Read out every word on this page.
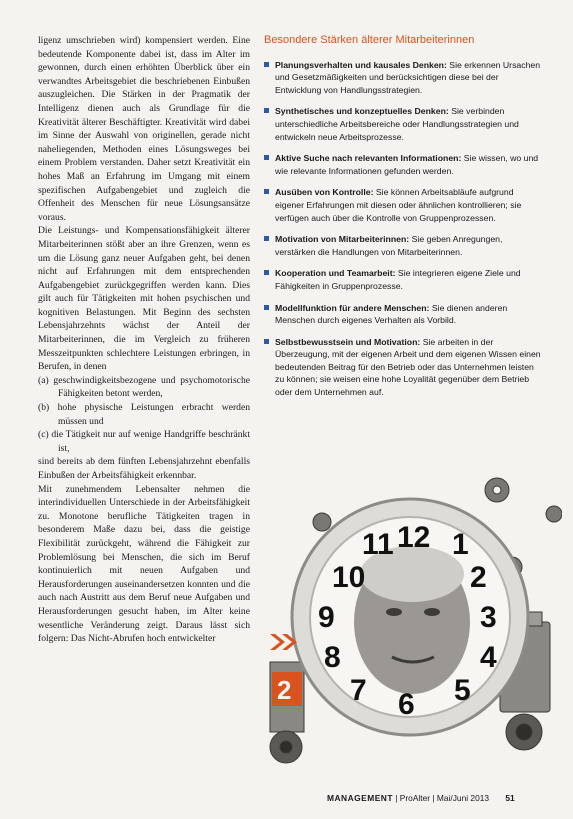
ligenz umschrieben wird) kompensiert werden. Eine bedeutende Komponente dabei ist, dass im Alter im gewonnen, durch einen erhöhten Überblick über ein verwandtes Arbeitsgebiet die beschriebenen Einbußen auszugleichen. Die Stärken in der Pragmatik der Intelligenz dienen auch als Grundlage für die Kreativität älterer Beschäftigter. Kreativität wird dabei im Sinne der Auswahl von originellen, gerade nicht naheliegenden, Methoden eines Lösungsweges bei einem Problem verstanden. Daher setzt Kreativität ein hohes Maß an Erfahrung im Umgang mit einem spezifischen Aufgabengebiet und zugleich die Offenheit des Menschen für neue Lösungsansätze voraus.

Die Leistungs- und Kompensationsfähigkeit älterer Mitarbeiterinnen stößt aber an ihre Grenzen, wenn es um die Lösung ganz neuer Aufgaben geht, bei denen nicht auf Erfahrungen mit dem entsprechenden Aufgabengebiet zurückgegriffen werden kann. Dies gilt auch für Tätigkeiten mit hohen psychischen und kognitiven Belastungen. Mit Beginn des sechsten Lebensjahrzehnts wächst der Anteil der Mitarbeiterinnen, die im Vergleich zu früheren Messzeitpunkten schlechtere Leistungen erbringen, in Berufen, in denen

(a) geschwindigkeitsbezogene und psychomotorische Fähigkeiten betont werden,
(b) hohe physische Leistungen erbracht werden müssen und
(c) die Tätigkeit nur auf wenige Handgriffe beschränkt ist,

sind bereits ab dem fünften Lebensjahrzehnt ebenfalls Einbußen der Arbeitsfähigkeit erkennbar.

Mit zunehmendem Lebensalter nehmen die interindividuellen Unterschiede in der Arbeitsfähigkeit zu. Monotone berufliche Tätigkeiten tragen in besonderem Maße dazu bei, dass die geistige Flexibilität zurückgeht, während die Fähigkeit zur Problemlösung bei Menschen, die sich im Beruf kontinuierlich mit neuen Aufgaben und Herausforderungen auseinandersetzen konnten und die auch nach Austritt aus dem Beruf neue Aufgaben und Herausforderungen gesucht haben, im Alter keine wesentliche Veränderung zeigt. Daraus lässt sich folgern: Das Nicht-Abrufen hoch entwickelter

Besondere Stärken älterer Mitarbeiterinnen
Planungsverhalten und kausales Denken: Sie erkennen Ursachen und Gesetzmäßigkeiten und berücksichtigen diese bei der Entwicklung von Handlungsstrategien.
Synthetisches und konzeptuelles Denken: Sie verbinden unterschiedliche Arbeitsbereiche oder Handlungsstrategien und entwickeln neue Arbeitsprozesse.
Aktive Suche nach relevanten Informationen: Sie wissen, wo und wie relevante Informationen gefunden werden.
Ausüben von Kontrolle: Sie können Arbeitsabläufe aufgrund eigener Erfahrungen mit diesen oder ähnlichen kontrollieren; sie verfügen auch über die Kontrolle von Gruppenprozessen.
Motivation von Mitarbeiterinnen: Sie geben Anregungen, verstärken die Handlungen von Mitarbeiterinnen.
Kooperation und Teamarbeit: Sie integrieren eigene Ziele und Fähigkeiten in Gruppenprozesse.
Modellfunktion für andere Menschen: Sie dienen anderen Menschen durch eigenes Verhalten als Vorbild.
Selbstbewusstsein und Motivation: Sie arbeiten in der Überzeugung, mit der eigenen Arbeit und dem eigenen Wissen einen bedeutenden Beitrag für den Betrieb oder das Unternehmen leisten zu können; sie weisen eine hohe Loyalität gegenüber dem Betrieb oder dem Unternehmen auf.
12
11 1
10	2
9	3
8	4
7	5
6
2
MANAGEMENT | ProAlter | Mai/Juni 2013 51
